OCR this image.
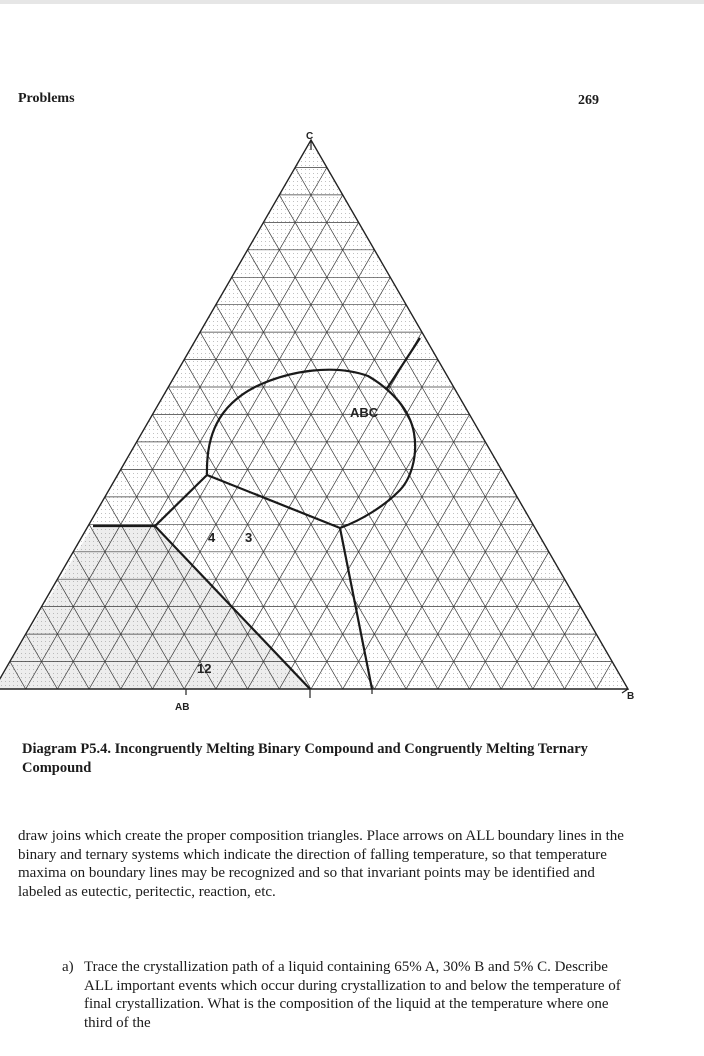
Problems	269
C
B
AB
ABC
4 3
12
Diagram P5.4. Incongruently Melting Binary Compound and Congruently Melting Ternary Compound

draw joins which create the proper composition triangles. Place arrows on ALL boundary lines in the binary and ternary systems which indicate the direction of falling temperature, so that temperature maxima on boundary lines may be recognized and so that invariant points may be identified and labeled as eutectic, peritectic, reaction, etc.

a) Trace the crystallization path of a liquid containing 65% A, 30% B and 5% C. Describe ALL important events which occur during crystallization to and below the temperature of final crystallization. What is the composition of the liquid at the temperature where one third of the
